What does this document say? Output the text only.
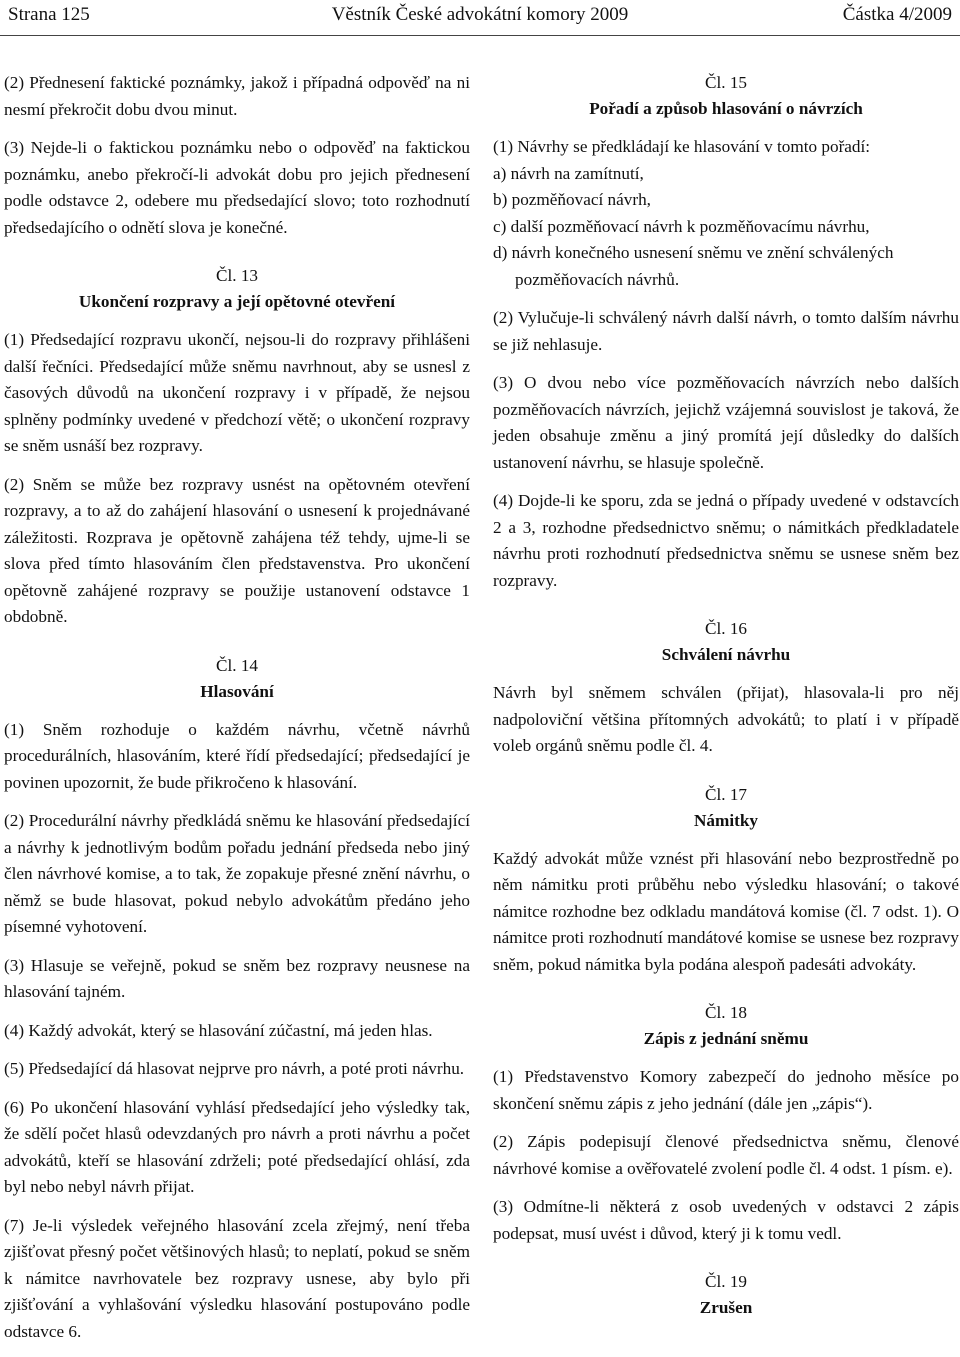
Strana 125	Věstník České advokátní komory 2009	Částka 4/2009

(2) Přednesení faktické poznámky, jakož i případná odpověď na ni nesmí překročit dobu dvou minut.

(3) Nejde-li o faktickou poznámku nebo o odpověď na faktickou poznámku, anebo překročí-li advokát dobu pro jejich přednesení podle odstavce 2, odebere mu předsedající slovo; toto rozhodnutí předsedajícího o odnětí slova je konečné.

Čl. 13
Ukončení rozpravy a její opětovné otevření

(1) Předsedající rozpravu ukončí, nejsou-li do rozpravy přihlášeni další řečníci. Předsedající může sněmu navrhnout, aby se usnesl z časových důvodů na ukončení rozpravy i v případě, že nejsou splněny podmínky uvedené v předchozí větě; o ukončení rozpravy se sněm usnáší bez rozpravy.

(2) Sněm se může bez rozpravy usnést na opětovném otevření rozpravy, a to až do zahájení hlasování o usnesení k projednávané záležitosti. Rozprava je opětovně zahájena též tehdy, ujme-li se slova před tímto hlasováním člen představenstva. Pro ukončení opětovně zahájené rozpravy se použije ustanovení odstavce 1 obdobně.

Čl. 14
Hlasování

(1) Sněm rozhoduje o každém návrhu, včetně návrhů procedurálních, hlasováním, které řídí předsedající; předsedající je povinen upozornit, že bude přikročeno k hlasování.

(2) Procedurální návrhy předkládá sněmu ke hlasování předsedající a návrhy k jednotlivým bodům pořadu jednání předseda nebo jiný člen návrhové komise, a to tak, že zopakuje přesné znění návrhu, o němž se bude hlasovat, pokud nebylo advokátům předáno jeho písemné vyhotovení.

(3) Hlasuje se veřejně, pokud se sněm bez rozpravy neusnese na hlasování tajném.

(4) Každý advokát, který se hlasování zúčastní, má jeden hlas.

(5) Předsedající dá hlasovat nejprve pro návrh, a poté proti návrhu.

(6) Po ukončení hlasování vyhlásí předsedající jeho výsledky tak, že sdělí počet hlasů odevzdaných pro návrh a proti návrhu a počet advokátů, kteří se hlasování zdrželi; poté předsedající ohlásí, zda byl nebo nebyl návrh přijat.

(7) Je-li výsledek veřejného hlasování zcela zřejmý, není třeba zjišťovat přesný počet většinových hlasů; to neplatí, pokud se sněm k námitce navrhovatele bez rozpravy usnese, aby bylo při zjišťování a vyhlašování výsledku hlasování postupováno podle odstavce 6.

Čl. 15
Pořadí a způsob hlasování o návrzích
(1) Návrhy se předkládají ke hlasování v tomto pořadí:
a) návrh na zamítnutí,
b) pozměňovací návrh,
c) další pozměňovací návrh k pozměňovacímu návrhu,
d) návrh konečného usnesení sněmu ve znění schválených pozměňovacích návrhů.

(2) Vylučuje-li schválený návrh další návrh, o tomto dalším návrhu se již nehlasuje.

(3) O dvou nebo více pozměňovacích návrzích nebo dalších pozměňovacích návrzích, jejichž vzájemná souvislost je taková, že jeden obsahuje změnu a jiný promítá její důsledky do dalších ustanovení návrhu, se hlasuje společně.

(4) Dojde-li ke sporu, zda se jedná o případy uvedené v odstavcích 2 a 3, rozhodne předsednictvo sněmu; o námitkách předkladatele návrhu proti rozhodnutí předsednictva sněmu se usnese sněm bez rozpravy.

Čl. 16
Schválení návrhu

Návrh byl sněmem schválen (přijat), hlasovala-li pro něj nadpoloviční většina přítomných advokátů; to platí i v případě voleb orgánů sněmu podle čl. 4.

Čl. 17
Námitky

Každý advokát může vznést při hlasování nebo bezprostředně po něm námitku proti průběhu nebo výsledku hlasování; o takové námitce rozhodne bez odkladu mandátová komise (čl. 7 odst. 1). O námitce proti rozhodnutí mandátové komise se usnese bez rozpravy sněm, pokud námitka byla podána alespoň padesáti advokáty.

Čl. 18
Zápis z jednání sněmu

(1) Představenstvo Komory zabezpečí do jednoho měsíce po skončení sněmu zápis z jeho jednání (dále jen „zápis“).

(2) Zápis podepisují členové předsednictva sněmu, členové návrhové komise a ověřovatelé zvolení podle čl. 4 odst. 1 písm. e).

(3) Odmítne-li některá z osob uvedených v odstavci 2 zápis podepsat, musí uvést i důvod, který ji k tomu vedl.

Čl. 19
Zrušen
